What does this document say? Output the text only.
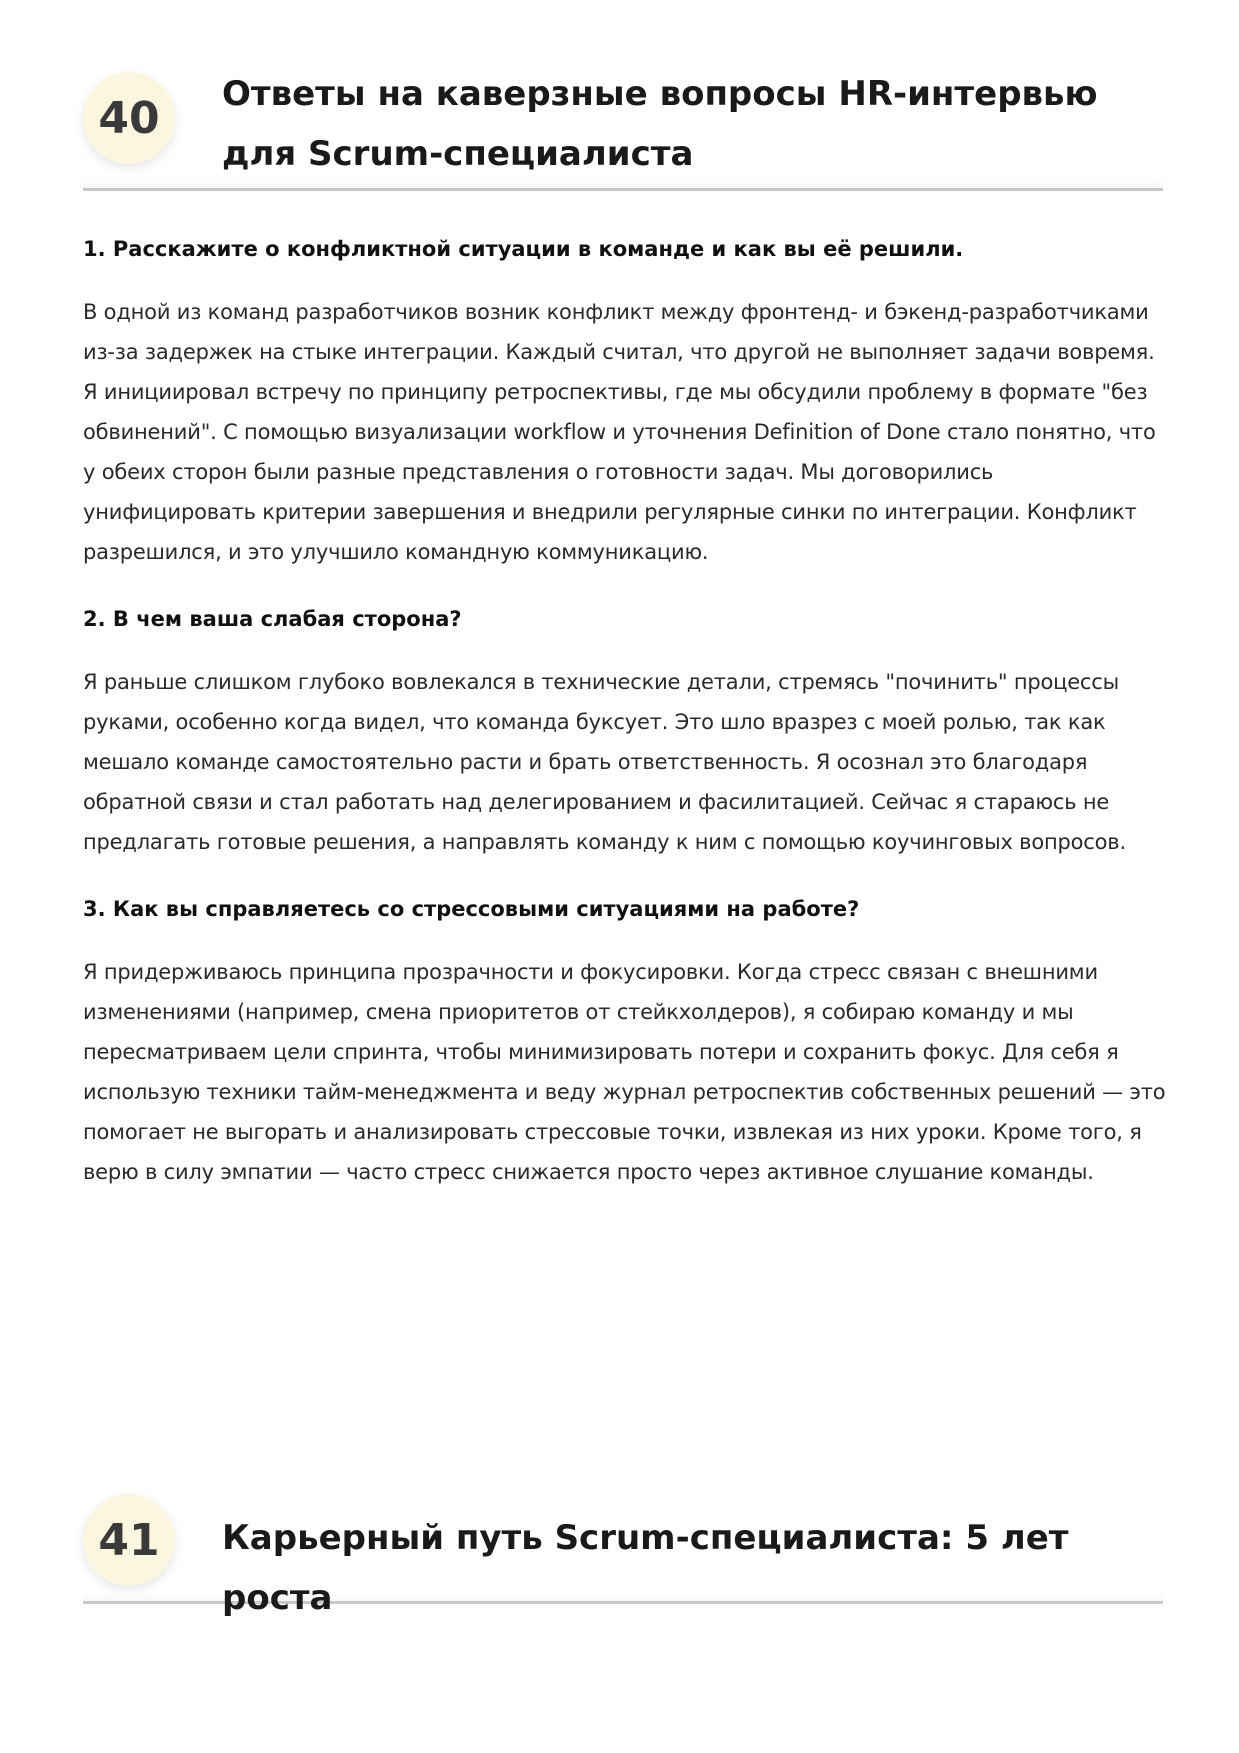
40	Ответы на каверзные вопросы HR-интервью для Scrum-специалиста

1. Расскажите о конфликтной ситуации в команде и как вы её решили.

В одной из команд разработчиков возник конфликт между фронтенд- и бэкенд-разработчиками из-за задержек на стыке интеграции. Каждый считал, что другой не выполняет задачи вовремя. Я инициировал встречу по принципу ретроспективы, где мы обсудили проблему в формате "без обвинений". С помощью визуализации workflow и уточнения Definition of Done стало понятно, что у обеих сторон были разные представления о готовности задач. Мы договорились унифицировать критерии завершения и внедрили регулярные синки по интеграции. Конфликт разрешился, и это улучшило командную коммуникацию.

2. В чем ваша слабая сторона?

Я раньше слишком глубоко вовлекался в технические детали, стремясь "починить" процессы руками, особенно когда видел, что команда буксует. Это шло вразрез с моей ролью, так как мешало команде самостоятельно расти и брать ответственность. Я осознал это благодаря обратной связи и стал работать над делегированием и фасилитацией. Сейчас я стараюсь не предлагать готовые решения, а направлять команду к ним с помощью коучинговых вопросов.

3. Как вы справляетесь со стрессовыми ситуациями на работе?

Я придерживаюсь принципа прозрачности и фокусировки. Когда стресс связан с внешними изменениями (например, смена приоритетов от стейкхолдеров), я собираю команду и мы пересматриваем цели спринта, чтобы минимизировать потери и сохранить фокус. Для себя я использую техники тайм-менеджмента и веду журнал ретроспектив собственных решений — это помогает не выгорать и анализировать стрессовые точки, извлекая из них уроки. Кроме того, я верю в силу эмпатии — часто стресс снижается просто через активное слушание команды.

41	Карьерный путь Scrum-специалиста: 5 лет роста
